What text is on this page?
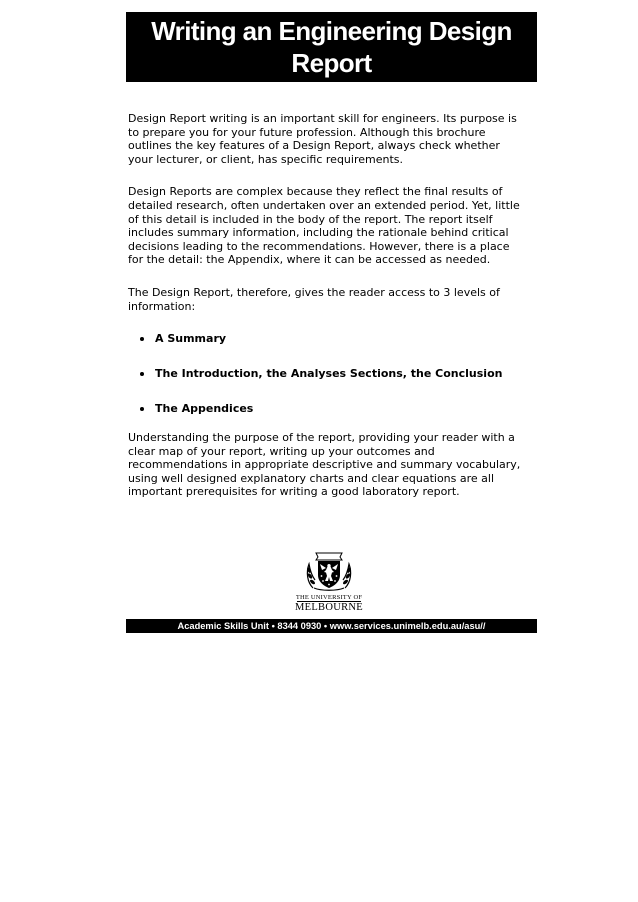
Writing an Engineering Design
Report

Design Report writing is an important skill for engineers. Its purpose is to prepare you for your future profession. Although this brochure outlines the key features of a Design Report, always check whether your lecturer, or client, has specific requirements.

Design Reports are complex because they reflect the final results of detailed research, often undertaken over an extended period. Yet, little of this detail is included in the body of the report. The report itself includes summary information, including the rationale behind critical decisions leading to the recommendations. However, there is a place for the detail: the Appendix, where it can be accessed as needed.

The Design Report, therefore, gives the reader access to 3 levels of information:

A Summary
The Introduction, the Analyses Sections, the Conclusion
The Appendices

Understanding the purpose of the report, providing your reader with a clear map of your report, writing up your outcomes and recommendations in appropriate descriptive and summary vocabulary, using well designed explanatory charts and clear equations are all important prerequisites for writing a good laboratory report.

THE UNIVERSITY OF
MELBOURNE
Academic Skills Unit • 8344 0930 • www.services.unimelb.edu.au/asu//
